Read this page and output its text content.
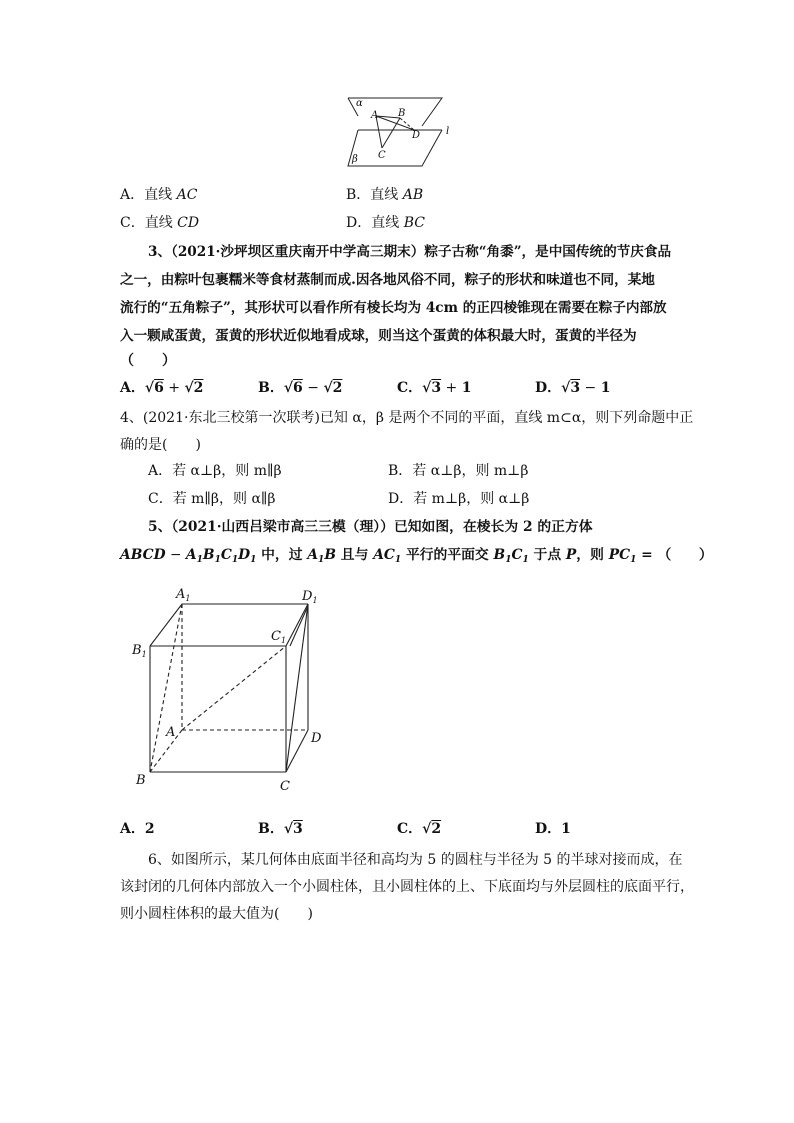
α
A B
D	l
C
β
A．直线 AC	B．直线 AB
C．直线 CD	D．直线 BC
3、（2021·沙坪坝区重庆南开中学高三期末）粽子古称“角黍”，是中国传统的节庆食品
之一，由粽叶包裹糯米等食材蒸制而成.因各地风俗不同，粽子的形状和味道也不同，某地
流行的“五角粽子”，其形状可以看作所有棱长均为 4cm 的正四棱锥现在需要在粽子内部放
入一颗咸蛋黄，蛋黄的形状近似地看成球，则当这个蛋黄的体积最大时，蛋黄的半径为
（　　）
A．√6 + √2	B．√6 − √2	C．√3 + 1	D．√3 − 1
4、(2021·东北三校第一次联考)已知 α，β 是两个不同的平面，直线 m⊂α，则下列命题中正
确的是(　　)
A．若 α⊥β，则 m∥β	B．若 α⊥β，则 m⊥β
C．若 m∥β，则 α∥β	D．若 m⊥β，则 α⊥β
5、（2021·山西吕梁市高三三模（理））已知如图，在棱长为 2 的正方体
ABCD − $A_1B_1C_1D_1$ 中，过 $A_1B$ 且与 $AC_1$ 平行的平面交 $B_1C_1$ 于点 P，则 $PC_1$ = （　　）
$A_1$	$D_1$
$C_1$
$B_1$
A	D
B	C
A．2	B．√3	C．√2	D．1
6、如图所示，某几何体由底面半径和高均为 5 的圆柱与半径为 5 的半球对接而成，在
该封闭的几何体内部放入一个小圆柱体，且小圆柱体的上、下底面均与外层圆柱的底面平行，
则小圆柱体积的最大值为(　　)
